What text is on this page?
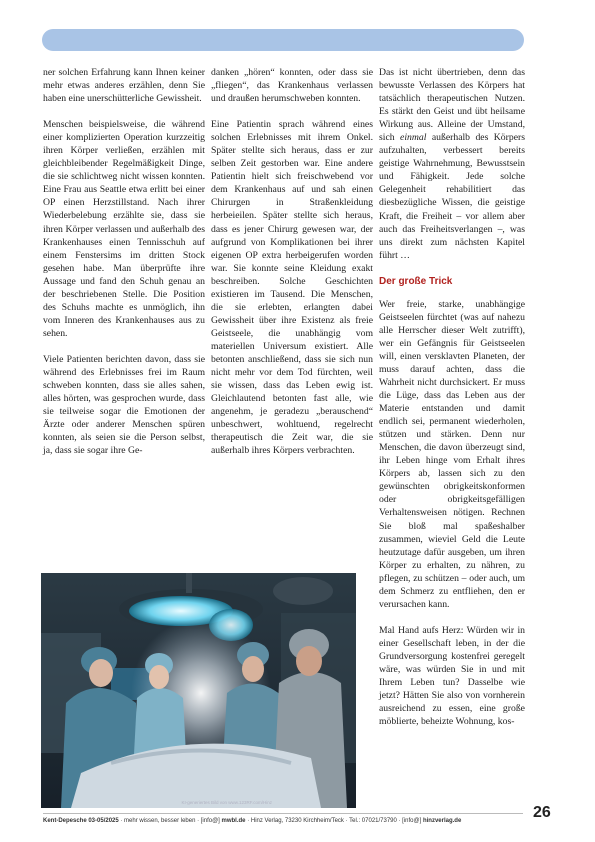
ner solchen Erfahrung kann Ihnen keiner mehr etwas anderes erzählen, denn Sie haben eine unerschütterliche Gewissheit.

Menschen beispielsweise, die während einer komplizierten Operation kurzzeitig ihren Körper verließen, erzählen mit gleichbleibender Regelmäßigkeit Dinge, die sie schlichtweg nicht wissen konnten. Eine Frau aus Seattle etwa erlitt bei einer OP einen Herzstillstand. Nach ihrer Wiederbelebung erzählte sie, dass sie ihren Körper verlassen und außerhalb des Krankenhauses einen Tennisschuh auf einem Fenstersims im dritten Stock gesehen habe. Man überprüfte ihre Aussage und fand den Schuh genau an der beschriebenen Stelle. Die Position des Schuhs machte es unmöglich, ihn vom Inneren des Krankenhauses aus zu sehen.

Viele Patienten berichten davon, dass sie während des Erlebnisses frei im Raum schweben konnten, dass sie alles sahen, alles hörten, was gesprochen wurde, dass sie teilweise sogar die Emotionen der Ärzte oder anderer Menschen spüren konnten, als seien sie die Person selbst, ja, dass sie sogar ihre Ge-

danken „hören“ konnten, oder dass sie „fliegen“, das Krankenhaus verlassen und draußen herumschweben konnten.

Eine Patientin sprach während eines solchen Erlebnisses mit ihrem Onkel. Später stellte sich heraus, dass er zur selben Zeit gestorben war. Eine andere Patientin hielt sich freischwebend vor dem Krankenhaus auf und sah einen Chirurgen in Straßenkleidung herbeieilen. Später stellte sich heraus, dass es jener Chirurg gewesen war, der aufgrund von Komplikationen bei ihrer eigenen OP extra herbeigerufen worden war. Sie konnte seine Kleidung exakt beschreiben. Solche Geschichten existieren im Tausend. Die Menschen, die sie erlebten, erlangten dabei Gewissheit über ihre Existenz als freie Geistseele, die unabhängig vom materiellen Universum existiert. Alle betonten anschließend, dass sie sich nun nicht mehr vor dem Tod fürchten, weil sie wissen, dass das Leben ewig ist. Gleichlautend betonten fast alle, wie angenehm, je geradezu „berauschend“ unbeschwert, wohltuend, regelrecht therapeutisch die Zeit war, die sie außerhalb ihres Körpers verbrachten.

Das ist nicht übertrieben, denn das bewusste Verlassen des Körpers hat tatsächlich therapeutischen Nutzen. Es stärkt den Geist und übt heilsame Wirkung aus. Alleine der Umstand, sich einmal außerhalb des Körpers aufzuhalten, verbessert bereits geistige Wahrnehmung, Bewusstsein und Fähigkeit. Jede solche Gelegenheit rehabilitiert das diesbezügliche Wissen, die geistige Kraft, die Freiheit – vor allem aber auch das Freiheitsverlangen –, was uns direkt zum nächsten Kapitel führt …

Der große Trick

Wer freie, starke, unabhängige Geistseelen fürchtet (was auf nahezu alle Herrscher dieser Welt zutrifft), wer ein Gefängnis für Geistseelen will, einen versklavten Planeten, der muss darauf achten, dass die Wahrheit nicht durchsickert. Er muss die Lüge, dass das Leben aus der Materie entstanden und damit endlich sei, permanent wiederholen, stützen und stärken. Denn nur Menschen, die davon überzeugt sind, ihr Leben hinge vom Erhalt ihres Körpers ab, lassen sich zu den gewünschten obrigkeitskonformen oder obrigkeitsgefälligen Verhaltensweisen nötigen. Rechnen Sie bloß mal spaßeshalber zusammen, wieviel Geld die Leute heutzutage dafür ausgeben, um ihren Körper zu erhalten, zu nähren, zu pflegen, zu schützen – oder auch, um dem Schmerz zu entfliehen, den er verursachen kann.

Mal Hand aufs Herz: Würden wir in einer Gesellschaft leben, in der die Grundversorgung kostenfrei geregelt wäre, was würden Sie in und mit Ihrem Leben tun? Dasselbe wie jetzt? Hätten Sie also von vornherein ausreichend zu essen, eine große möblierte, beheizte Wohnung, kos-

KI-generiertes Bild von www.123RF.com/Hinz
Kent-Depesche 03-05/2025 · mehr wissen, besser leben · [info@] mwbl.de · Hinz Verlag, 73230 Kirchheim/Teck · Tel.: 07021/73790 · [info@] hinzverlag.de	26
